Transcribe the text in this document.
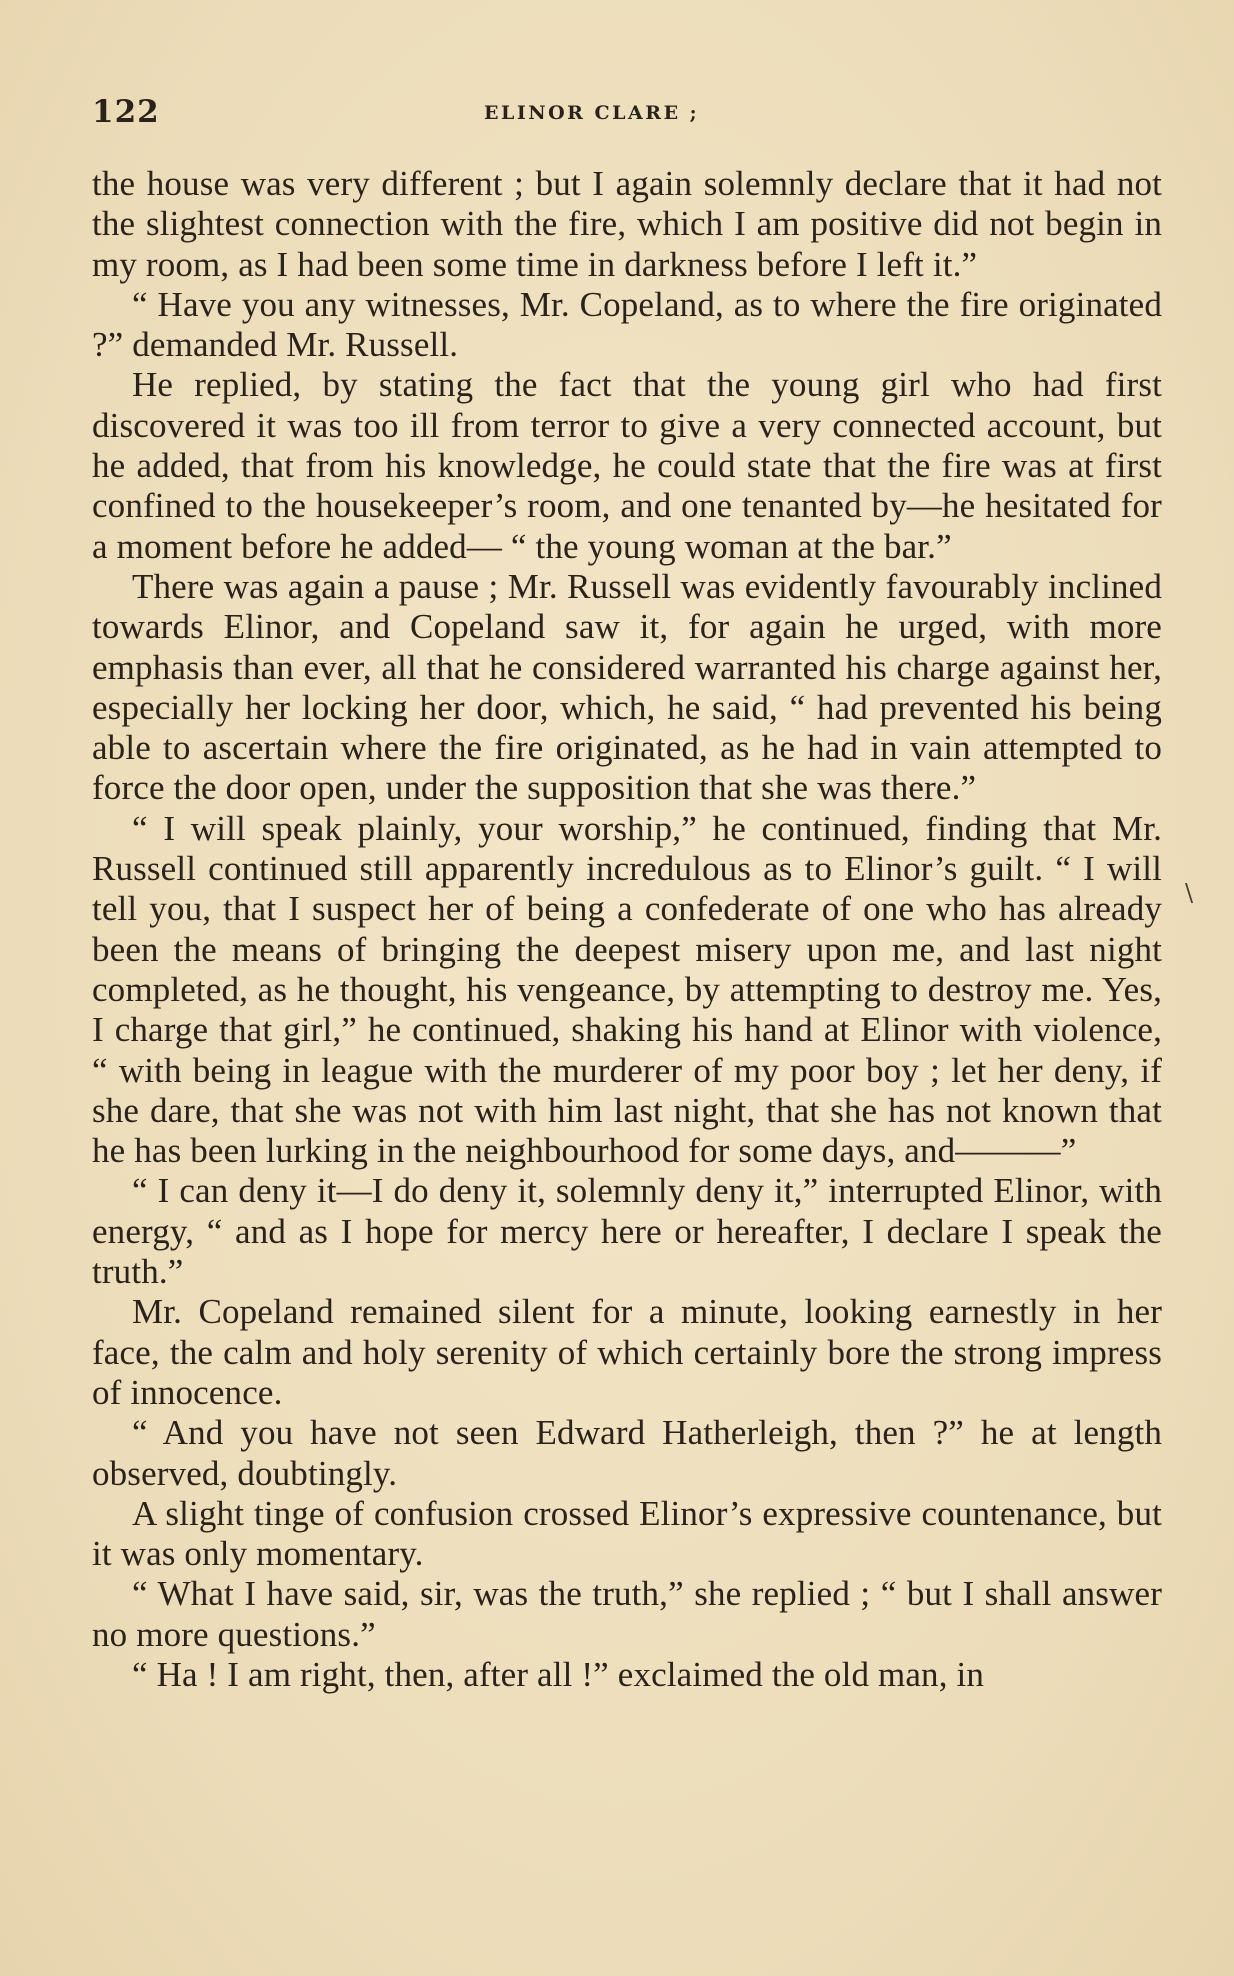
122	ELINOR CLARE ;

the house was very different ; but I again solemnly declare that it had not the slightest connection with the fire, which I am positive did not begin in my room, as I had been some time in darkness before I left it.”

“ Have you any witnesses, Mr. Copeland, as to where the fire originated ?” demanded Mr. Russell.

He replied, by stating the fact that the young girl who had first discovered it was too ill from terror to give a very connected account, but he added, that from his knowledge, he could state that the fire was at first confined to the housekeeper’s room, and one tenanted by—he hesitated for a moment before he added— “ the young woman at the bar.”

There was again a pause ; Mr. Russell was evidently favourably inclined towards Elinor, and Copeland saw it, for again he urged, with more emphasis than ever, all that he considered warranted his charge against her, especially her locking her door, which, he said, “ had prevented his being able to ascertain where the fire originated, as he had in vain attempted to force the door open, under the supposition that she was there.”

“ I will speak plainly, your worship,” he continued, finding that Mr. Russell continued still apparently incredulous as to Elinor’s guilt. “ I will tell you, that I suspect her of being a confederate of one who has already been the means of bringing the deepest misery upon me, and last night completed, as he thought, his vengeance, by attempting to destroy me. Yes, I charge that girl,” he continued, shaking his hand at Elinor with violence, “ with being in league with the murderer of my poor boy ; let her deny, if she dare, that she was not with him last night, that she has not known that he has been lurking in the neighbourhood for some days, and———”

“ I can deny it—I do deny it, solemnly deny it,” interrupted Elinor, with energy, “ and as I hope for mercy here or hereafter, I declare I speak the truth.”

Mr. Copeland remained silent for a minute, looking earnestly in her face, the calm and holy serenity of which certainly bore the strong impress of innocence.

“ And you have not seen Edward Hatherleigh, then ?” he at length observed, doubtingly.

A slight tinge of confusion crossed Elinor’s expressive countenance, but it was only momentary.

“ What I have said, sir, was the truth,” she replied ; “ but I shall answer no more questions.”

“ Ha ! I am right, then, after all !” exclaimed the old man, in

\
